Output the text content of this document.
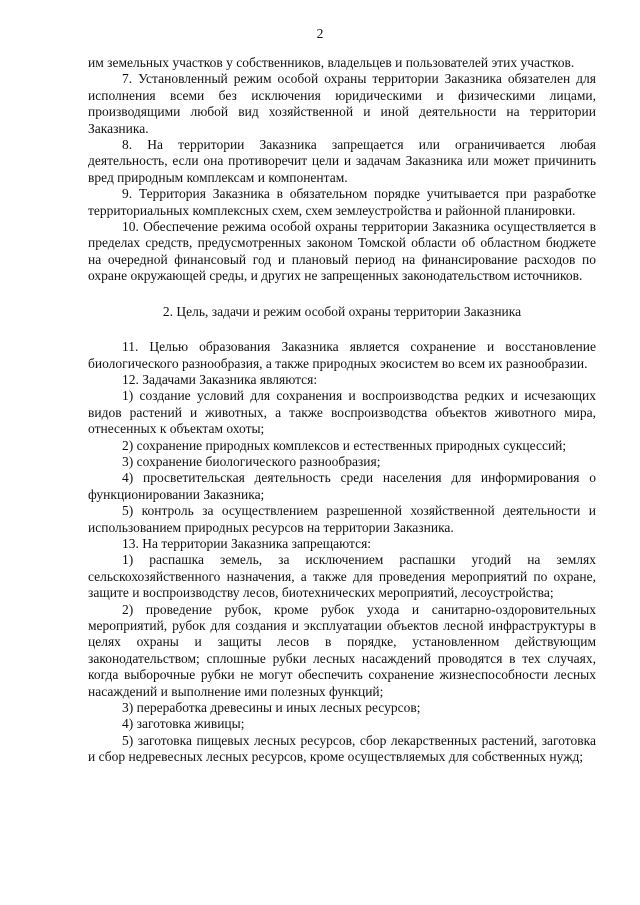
2

им земельных участков у собственников, владельцев и пользователей этих участков.

7. Установленный режим особой охраны территории Заказника обязателен для исполнения всеми без исключения юридическими и физическими лицами, производящими любой вид хозяйственной и иной деятельности на территории Заказника.

8. На территории Заказника запрещается или ограничивается любая деятельность, если она противоречит цели и задачам Заказника или может причинить вред природным комплексам и компонентам.

9. Территория Заказника в обязательном порядке учитывается при разработке территориальных комплексных схем, схем землеустройства и районной планировки.

10. Обеспечение режима особой охраны территории Заказника осуществляется в пределах средств, предусмотренных законом Томской области об областном бюджете на очередной финансовый год и плановый период на финансирование расходов по охране окружающей среды, и других не запрещенных законодательством источников.

2. Цель, задачи и режим особой охраны территории Заказника

11. Целью образования Заказника является сохранение и восстановление биологического разнообразия, а также природных экосистем во всем их разнообразии.

12. Задачами Заказника являются:

1) создание условий для сохранения и воспроизводства редких и исчезающих видов растений и животных, а также воспроизводства объектов животного мира, отнесенных к объектам охоты;

2) сохранение природных комплексов и естественных природных сукцессий;

3) сохранение биологического разнообразия;

4) просветительская деятельность среди населения для информирования о функционировании Заказника;

5) контроль за осуществлением разрешенной хозяйственной деятельности и использованием природных ресурсов на территории Заказника.

13. На территории Заказника запрещаются:

1) распашка земель, за исключением распашки угодий на землях сельскохозяйственного назначения, а также для проведения мероприятий по охране, защите и воспроизводству лесов, биотехнических мероприятий, лесоустройства;

2) проведение рубок, кроме рубок ухода и санитарно-оздоровительных мероприятий, рубок для создания и эксплуатации объектов лесной инфраструктуры в целях охраны и защиты лесов в порядке, установленном действующим законодательством; сплошные рубки лесных насаждений проводятся в тех случаях, когда выборочные рубки не могут обеспечить сохранение жизнеспособности лесных насаждений и выполнение ими полезных функций;

3) переработка древесины и иных лесных ресурсов;

4) заготовка живицы;

5) заготовка пищевых лесных ресурсов, сбор лекарственных растений, заготовка и сбор недревесных лесных ресурсов, кроме осуществляемых для собственных нужд;
